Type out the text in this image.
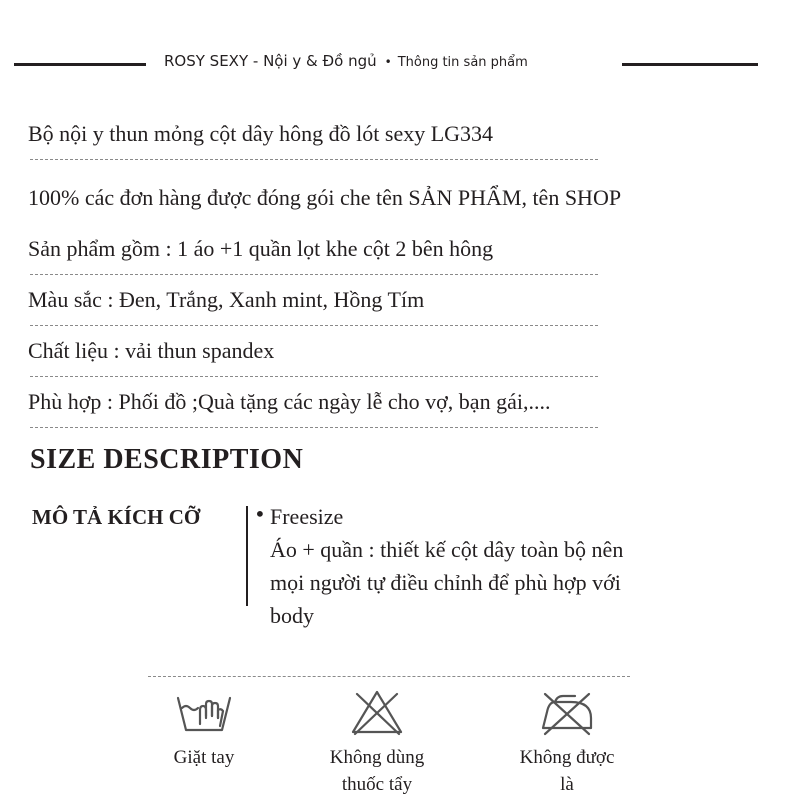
ROSY SEXY - Nội y & Đồ ngủ • Thông tin sản phẩm
Bộ nội y thun mỏng cột dây hông đồ lót sexy LG334
100% các đơn hàng được đóng gói che tên SẢN PHẨM, tên SHOP
Sản phẩm gồm : 1 áo +1 quần lọt khe cột 2 bên hông
Màu sắc : Đen, Trắng, Xanh mint, Hồng Tím
Chất liệu : vải thun spandex
Phù hợp : Phối đồ ;Quà tặng các ngày lễ cho vợ, bạn gái,....
SIZE DESCRIPTION
MÔ TẢ KÍCH CỠ	• Freesize
Áo + quần : thiết kế cột dây toàn bộ nên
mọi người tự điều chỉnh để phù hợp với
body
Giặt tay	Không dùng
thuốc tẩy
Không được
là
